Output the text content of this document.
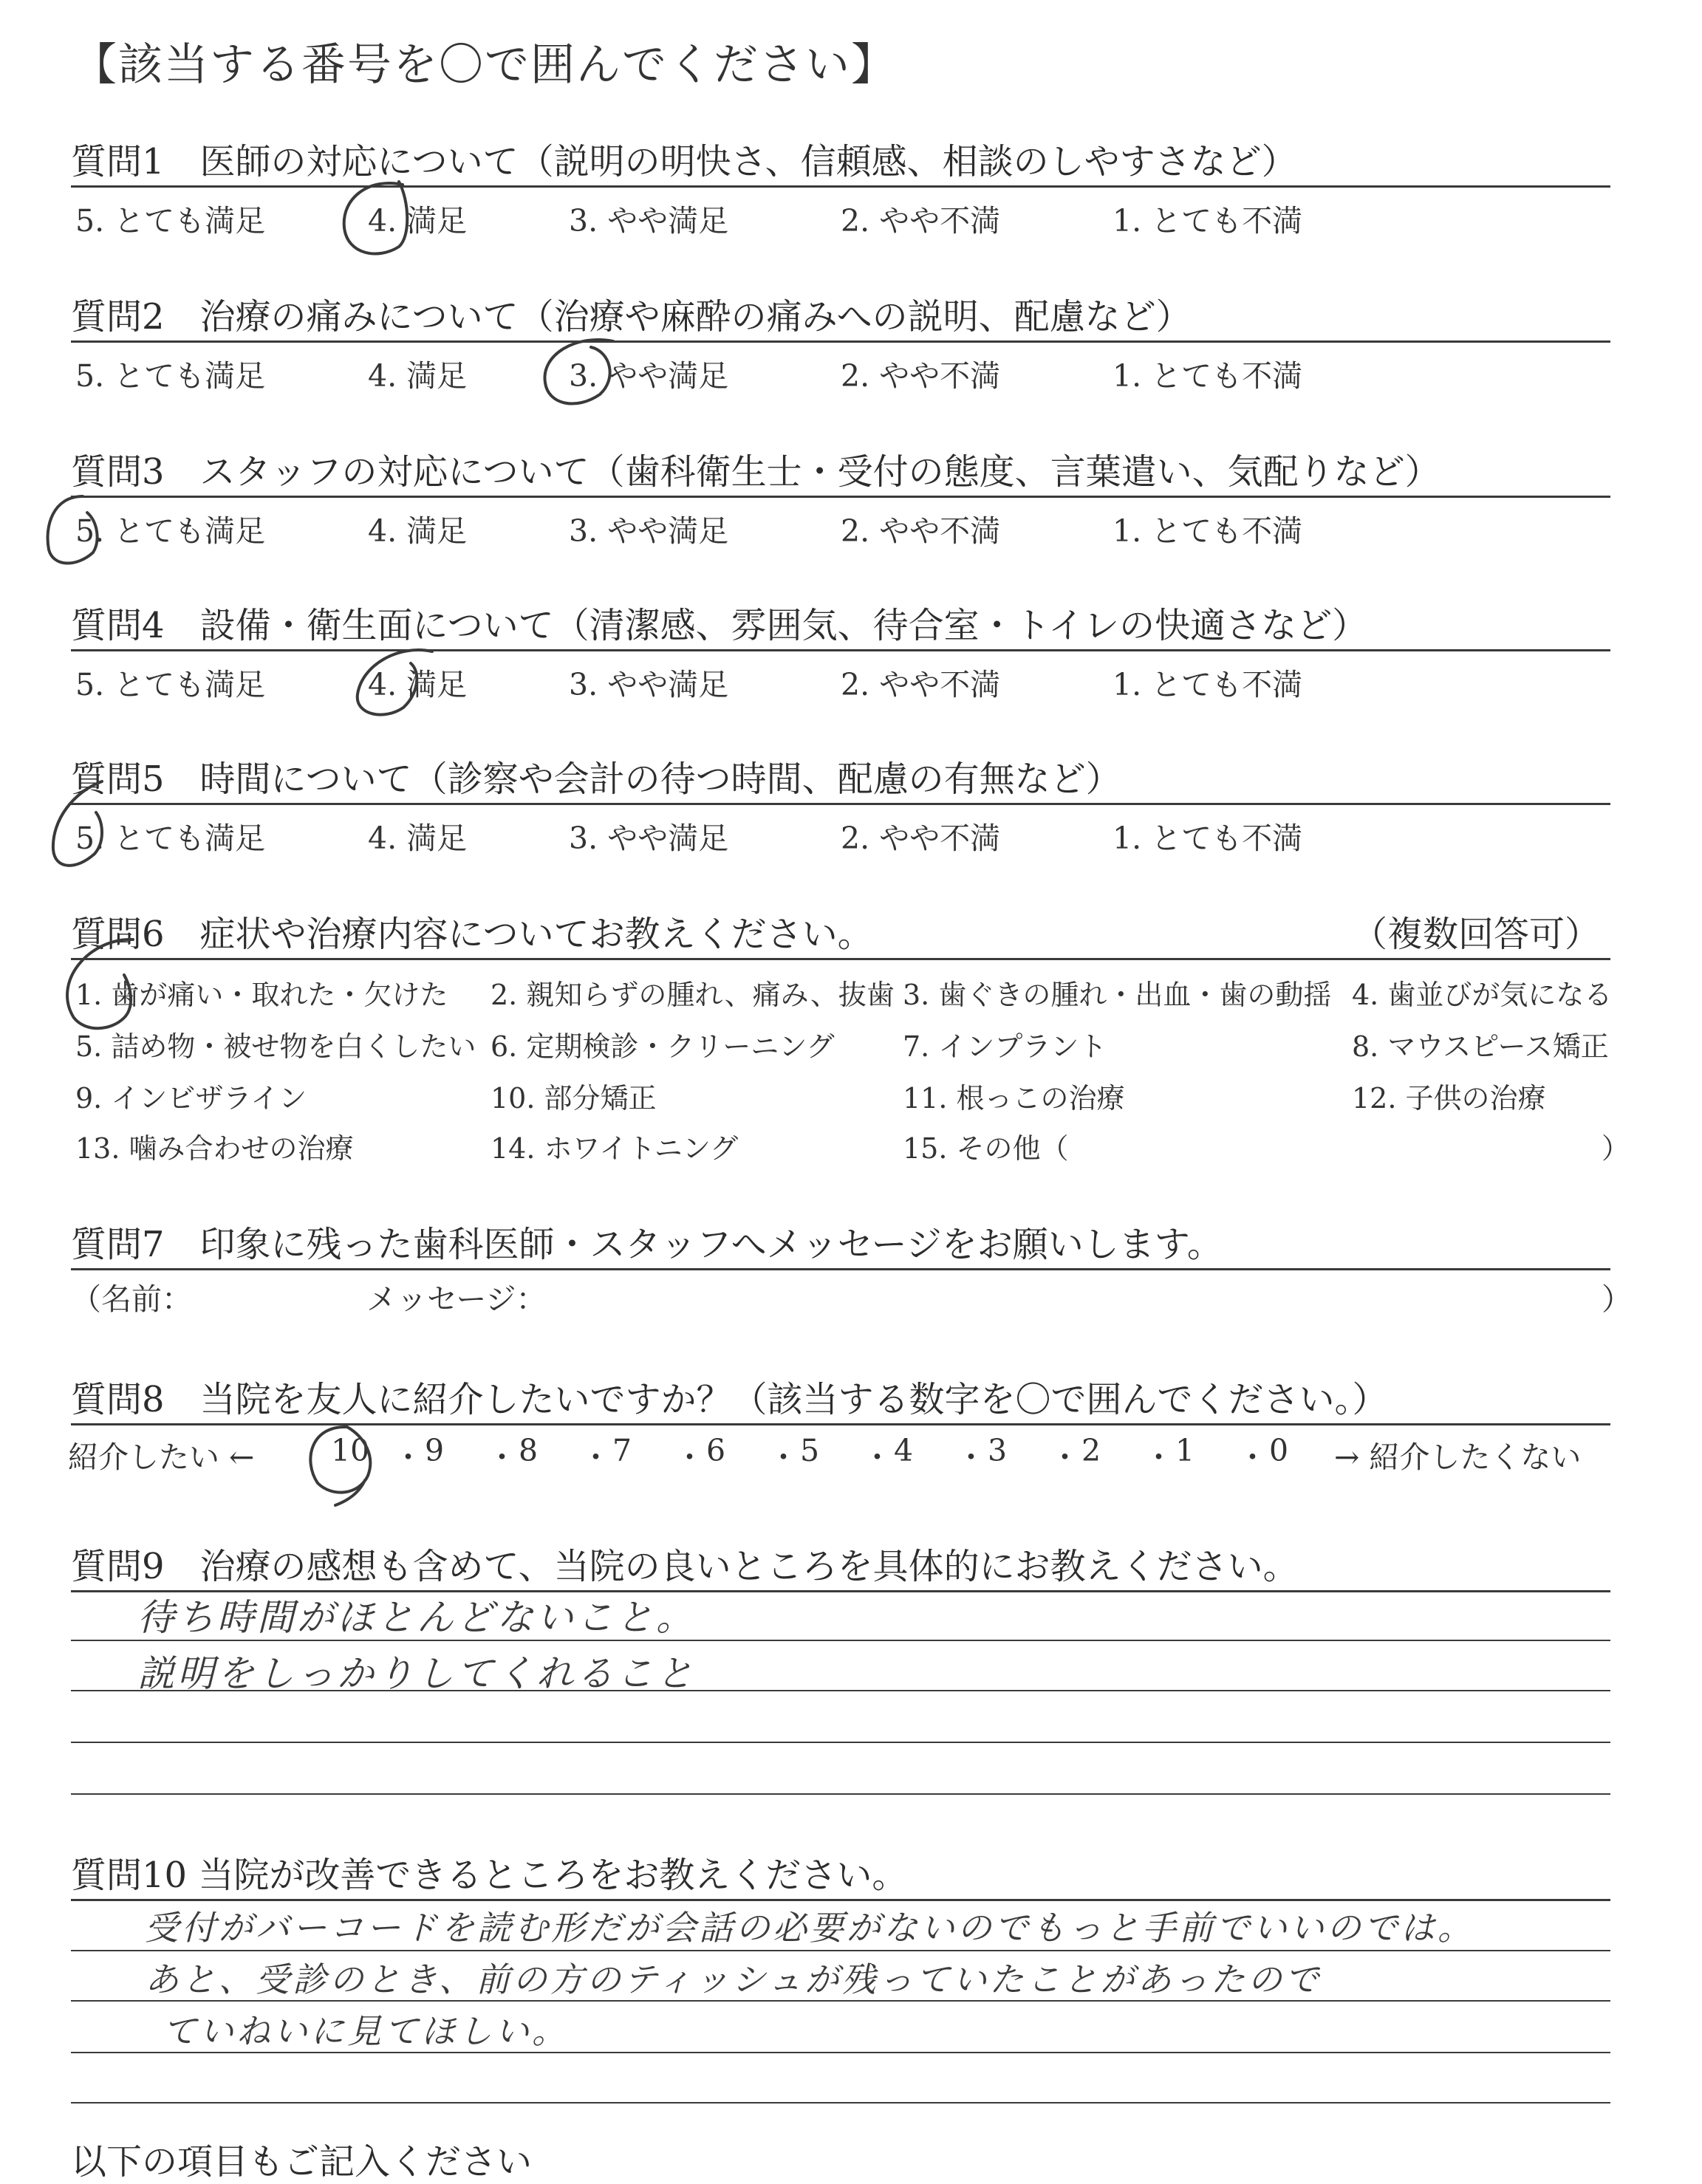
【該当する番号を〇で囲んでください】
質問1　医師の対応について（説明の明快さ、信頼感、相談のしやすさなど）
5. とても満足	4. 満足	3. やや満足	2. やや不満	1. とても不満
質問2　治療の痛みについて（治療や麻酔の痛みへの説明、配慮など）
5. とても満足	4. 満足	3. やや満足	2. やや不満	1. とても不満
質問3　スタッフの対応について（歯科衛生士・受付の態度、言葉遣い、気配りなど）
5. とても満足	4. 満足	3. やや満足	2. やや不満	1. とても不満
質問4　設備・衛生面について（清潔感、雰囲気、待合室・トイレの快適さなど）
5. とても満足	4. 満足	3. やや満足	2. やや不満	1. とても不満
質問5　時間について（診察や会計の待つ時間、配慮の有無など）
5. とても満足	4. 満足	3. やや満足	2. やや不満	1. とても不満
質問6　症状や治療内容についてお教えください。	（複数回答可）
1. 歯が痛い・取れた・欠けた 2. 親知らずの腫れ、痛み、抜歯 3. 歯ぐきの腫れ・出血・歯の動揺 4. 歯並びが気になる
5. 詰め物・被せ物を白くしたい 6. 定期検診・クリーニング 7. インプラント	8. マウスピース矯正
9. インビザライン	10. 部分矯正	11. 根っこの治療	12. 子供の治療
13. 噛み合わせの治療	14. ホワイトニング	15. その他（	）
質問7　印象に残った歯科医師・スタッフへメッセージをお願いします。
（名前：	メッセージ：	）
質問8　当院を友人に紹介したいですか？（該当する数字を〇で囲んでください。）
紹介したい ←	10 ・ 9 ・ 8 ・ 7 ・ 6 ・ 5 ・ 4 ・ 3 ・ 2 ・ 1 ・ 0 → 紹介したくない
質問9　治療の感想も含めて、当院の良いところを具体的にお教えください。
待ち時間がほとんどないこと。
説明をしっかりしてくれること
質問10 当院が改善できるところをお教えください。
受付がバーコードを読む形だが会話の必要がないのでもっと手前でいいのでは。
あと、受診のとき、前の方のティッシュが残っていたことがあったので
ていねいに見てほしい。
以下の項目もご記入ください
